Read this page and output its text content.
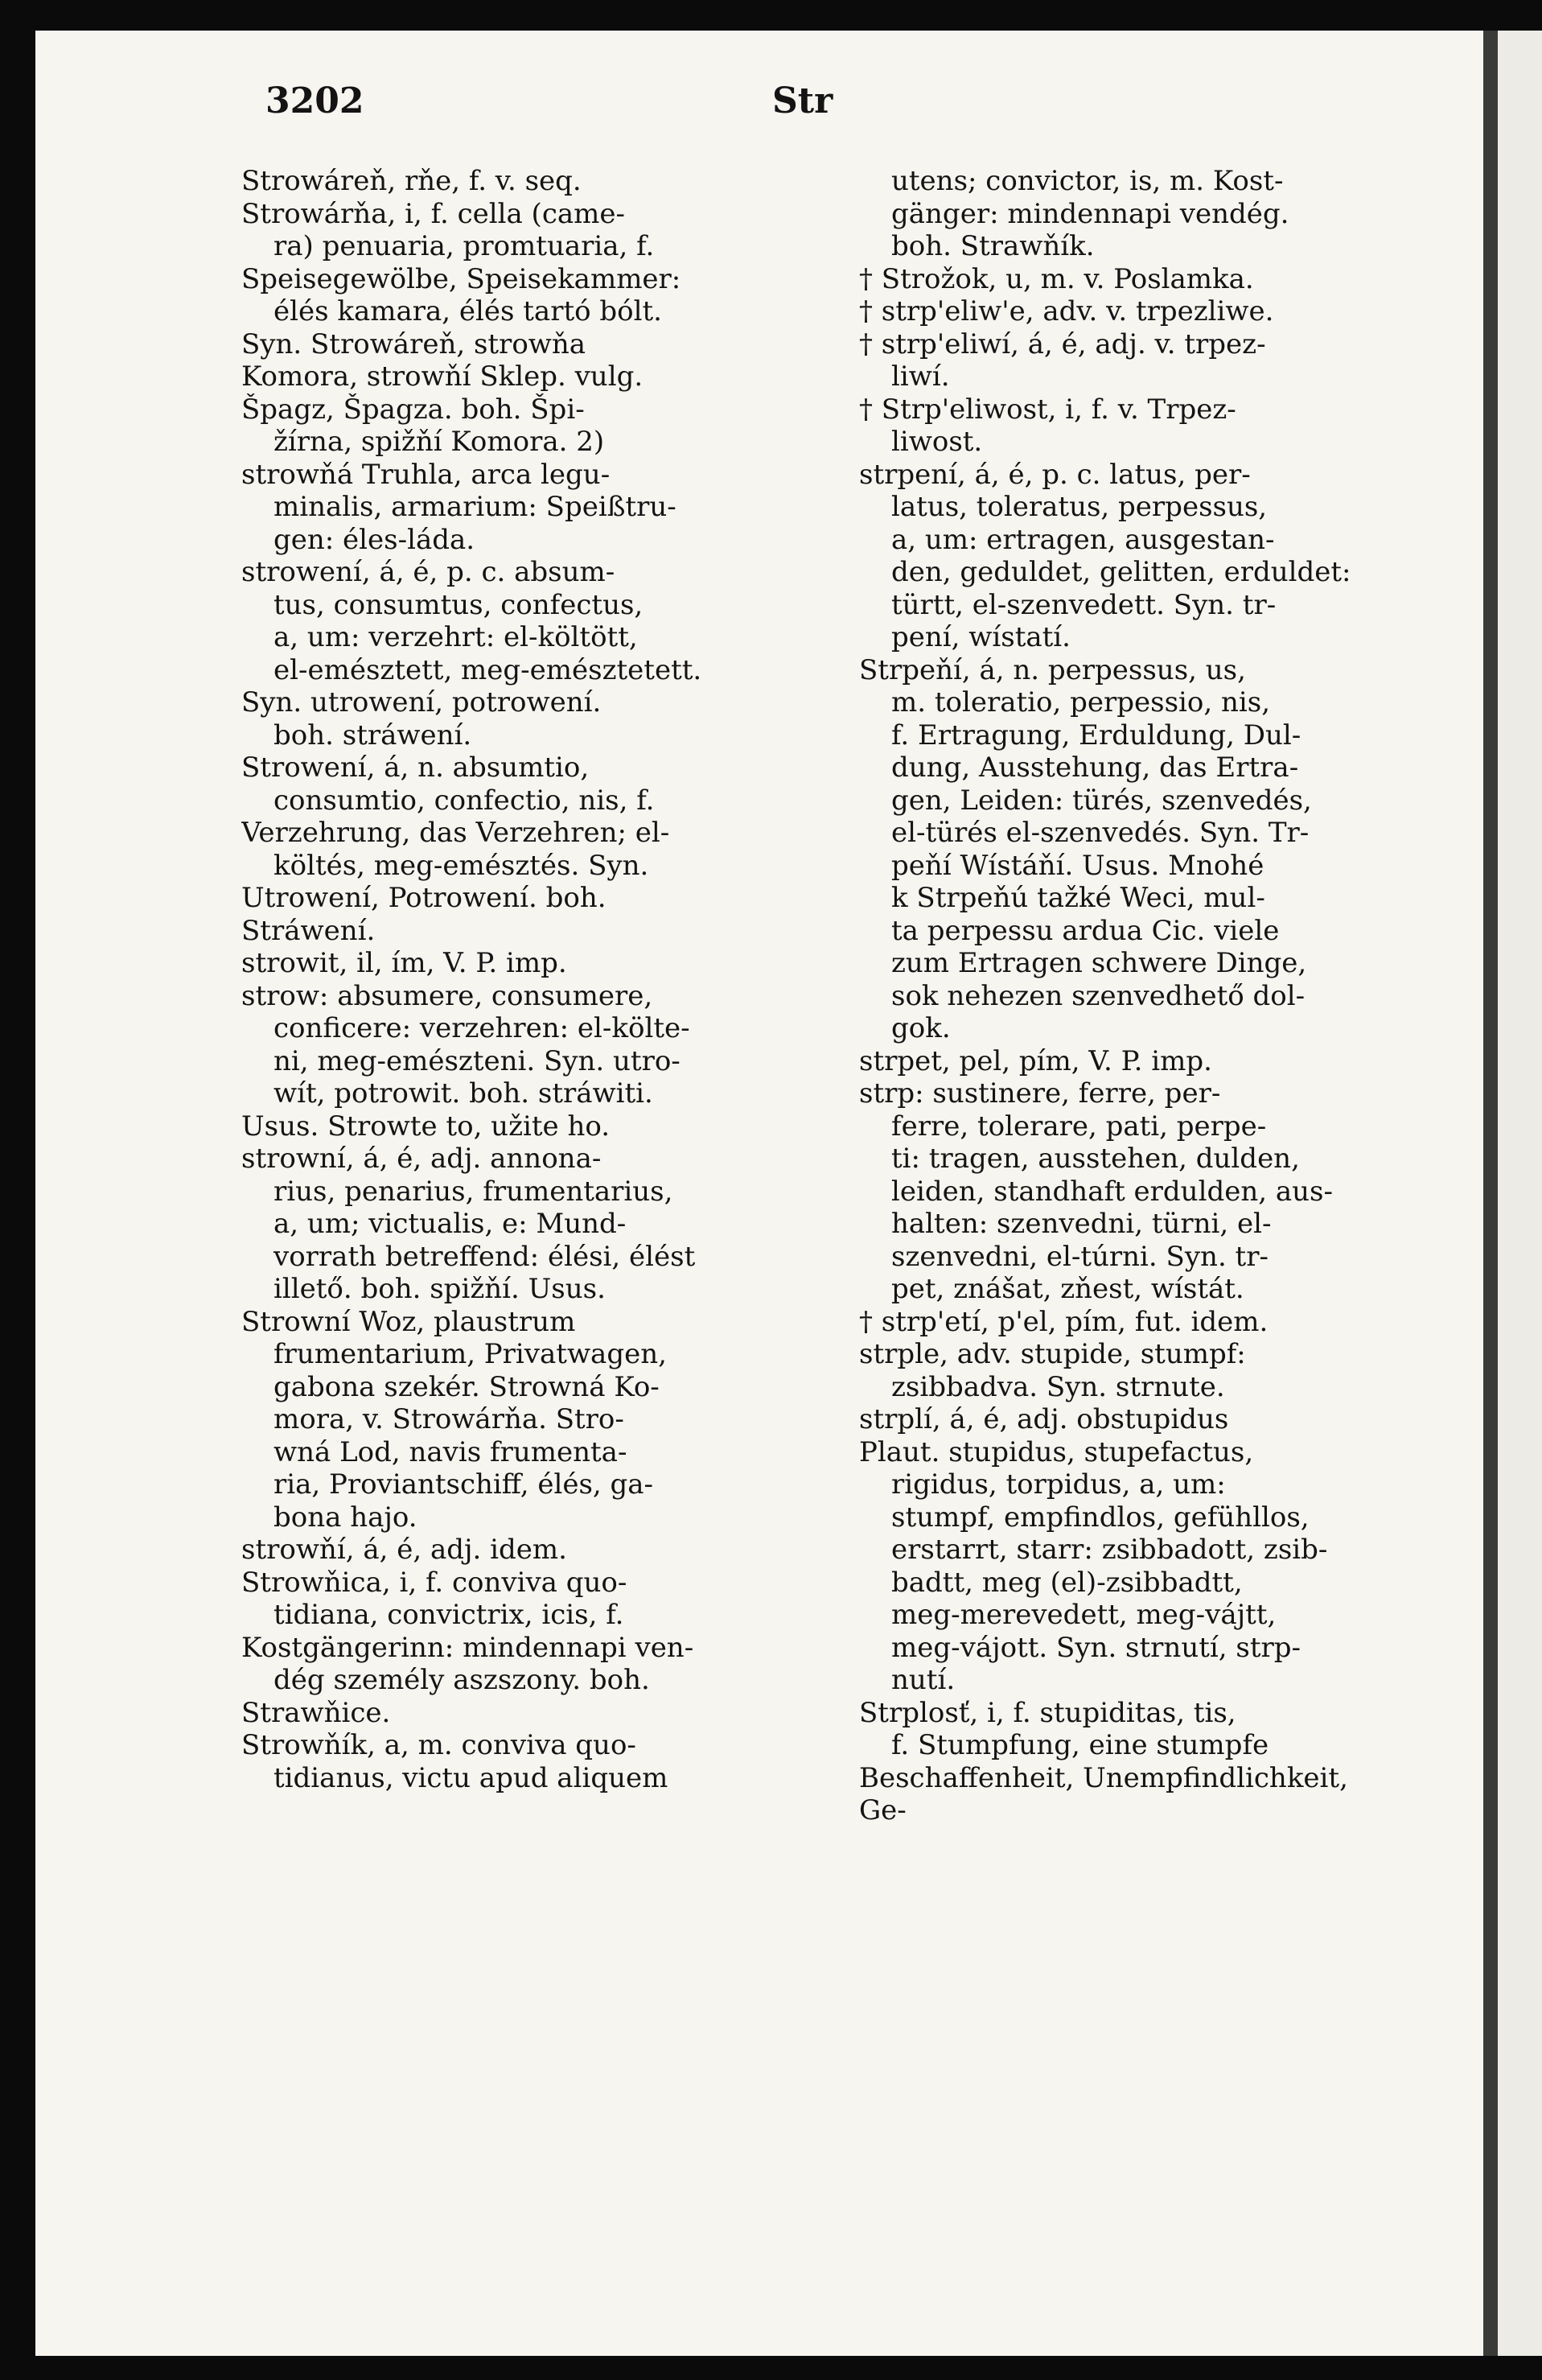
3202	Str
Strowáreň, rňe, f. v. seq.
Strowárňa, i, f. cella (came-
ra) penuaria, promtuaria, f.
Speisegewölbe, Speisekammer:
élés kamara, élés tartó bólt.
Syn. Strowáreň, strowňa
Komora, strowňí Sklep. vulg.
Špagz, Špagza. boh. Špi-
žírna, spižňí Komora. 2)
strowňá Truhla, arca legu-
minalis, armarium: Speißtru-
gen: éles-láda.
strowení, á, é, p. c. absum-
tus, consumtus, confectus,
a, um: verzehrt: el-költött,
el-emésztett, meg-emésztetett.
Syn. utrowení, potrowení.
boh. stráwení.
Strowení, á, n. absumtio,
consumtio, confectio, nis, f.
Verzehrung, das Verzehren; el-
költés, meg-emésztés. Syn.
Utrowení, Potrowení. boh.
Stráwení.
strowit, il, ím, V. P. imp.
strow: absumere, consumere,
conficere: verzehren: el-költe-
ni, meg-emészteni. Syn. utro-
wít, potrowit. boh. stráwiti.
Usus. Strowte to, užite ho.
strowní, á, é, adj. annona-
rius, penarius, frumentarius,
a, um; victualis, e: Mund-
vorrath betreffend: élési, élést
illető. boh. spižňí. Usus.
Strowní Woz, plaustrum
frumentarium, Privatwagen,
gabona szekér. Strowná Ko-
mora, v. Strowárňa. Stro-
wná Lod, navis frumenta-
ria, Proviantschiff, élés, ga-
bona hajo.
strowňí, á, é, adj. idem.
Strowňica, i, f. conviva quo-
tidiana, convictrix, icis, f.
Kostgängerinn: mindennapi ven-
dég személy aszszony. boh.
Strawňice.
Strowňík, a, m. conviva quo-
tidianus, victu apud aliquem
utens; convictor, is, m. Kost-
gänger: mindennapi vendég.
boh. Strawňík.
† Strožok, u, m. v. Poslamka.
† strp'eliw'e, adv. v. trpezliwe.
† strp'eliwí, á, é, adj. v. trpez-
liwí.
† Strp'eliwost, i, f. v. Trpez-
liwost.
strpení, á, é, p. c. latus, per-
latus, toleratus, perpessus,
a, um: ertragen, ausgestan-
den, geduldet, gelitten, erduldet:
türtt, el-szenvedett. Syn. tr-
pení, wístatí.
Strpeňí, á, n. perpessus, us,
m. toleratio, perpessio, nis,
f. Ertragung, Erduldung, Dul-
dung, Ausstehung, das Ertra-
gen, Leiden: türés, szenvedés,
el-türés el-szenvedés. Syn. Tr-
peňí Wístáňí. Usus. Mnohé
k Strpeňú tažké Weci, mul-
ta perpessu ardua Cic. viele
zum Ertragen schwere Dinge,
sok nehezen szenvedhető dol-
gok.
strpet, pel, pím, V. P. imp.
strp: sustinere, ferre, per-
ferre, tolerare, pati, perpe-
ti: tragen, ausstehen, dulden,
leiden, standhaft erdulden, aus-
halten: szenvedni, türni, el-
szenvedni, el-túrni. Syn. tr-
pet, znášat, zňest, wístát.
† strp'etí, p'el, pím, fut. idem.
strple, adv. stupide, stumpf:
zsibbadva. Syn. strnute.
strplí, á, é, adj. obstupidus
Plaut. stupidus, stupefactus,
rigidus, torpidus, a, um:
stumpf, empfindlos, gefühllos,
erstarrt, starr: zsibbadott, zsib-
badtt, meg (el)-zsibbadtt,
meg-merevedett, meg-vájtt,
meg-vájott. Syn. strnutí, strp-
nutí.
Strplosť, i, f. stupiditas, tis,
f. Stumpfung, eine stumpfe
Beschaffenheit, Unempfindlichkeit,
Ge-
